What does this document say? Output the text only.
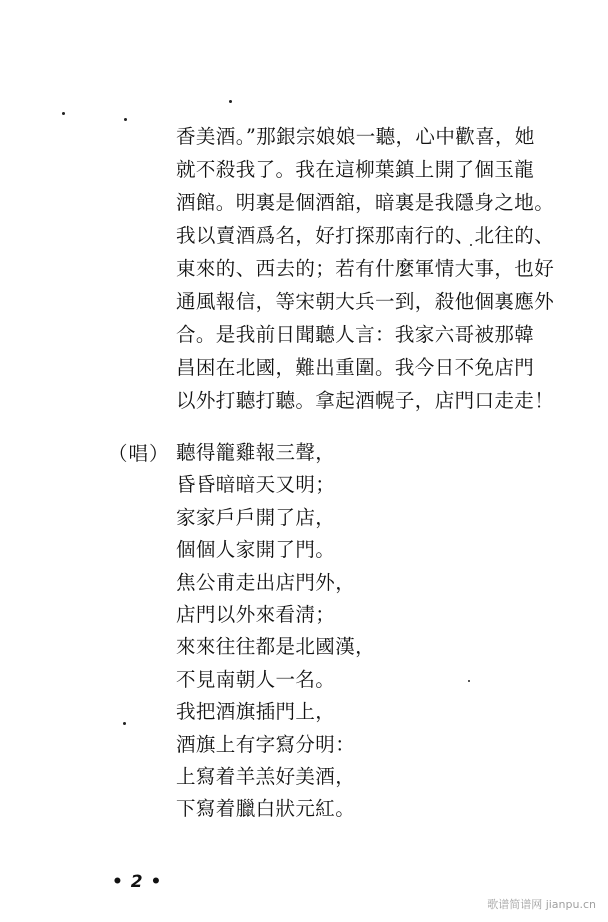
香美酒。”那銀宗娘娘一聽，心中歡喜，她
就不殺我了。我在這柳葉鎮上開了個玉龍
酒館。明裏是個酒舘，暗裏是我隱身之地。
我以賣酒爲名，好打探那南行的、北往的、
東來的、西去的；若有什麼軍情大事，也好
通風報信，等宋朝大兵一到，殺他個裏應外
合。是我前日聞聽人言：我家六哥被那韓
昌困在北國，難出重圍。我今日不免店門
以外打聽打聽。拿起酒幌子，店門口走走！
（唱） 聽得籠雞報三聲，
昏昏暗暗天又明；
家家戶戶開了店，
個個人家開了門。
焦公甫走出店門外，
店門以外來看淸；
來來往往都是北國漢，
不見南朝人一名。
我把酒旗插門上，
酒旗上有字寫分明：
上寫着羊羔好美酒，
下寫着臘白狀元紅。
• 2 •
歌谱简谱网 jianpu.cn
